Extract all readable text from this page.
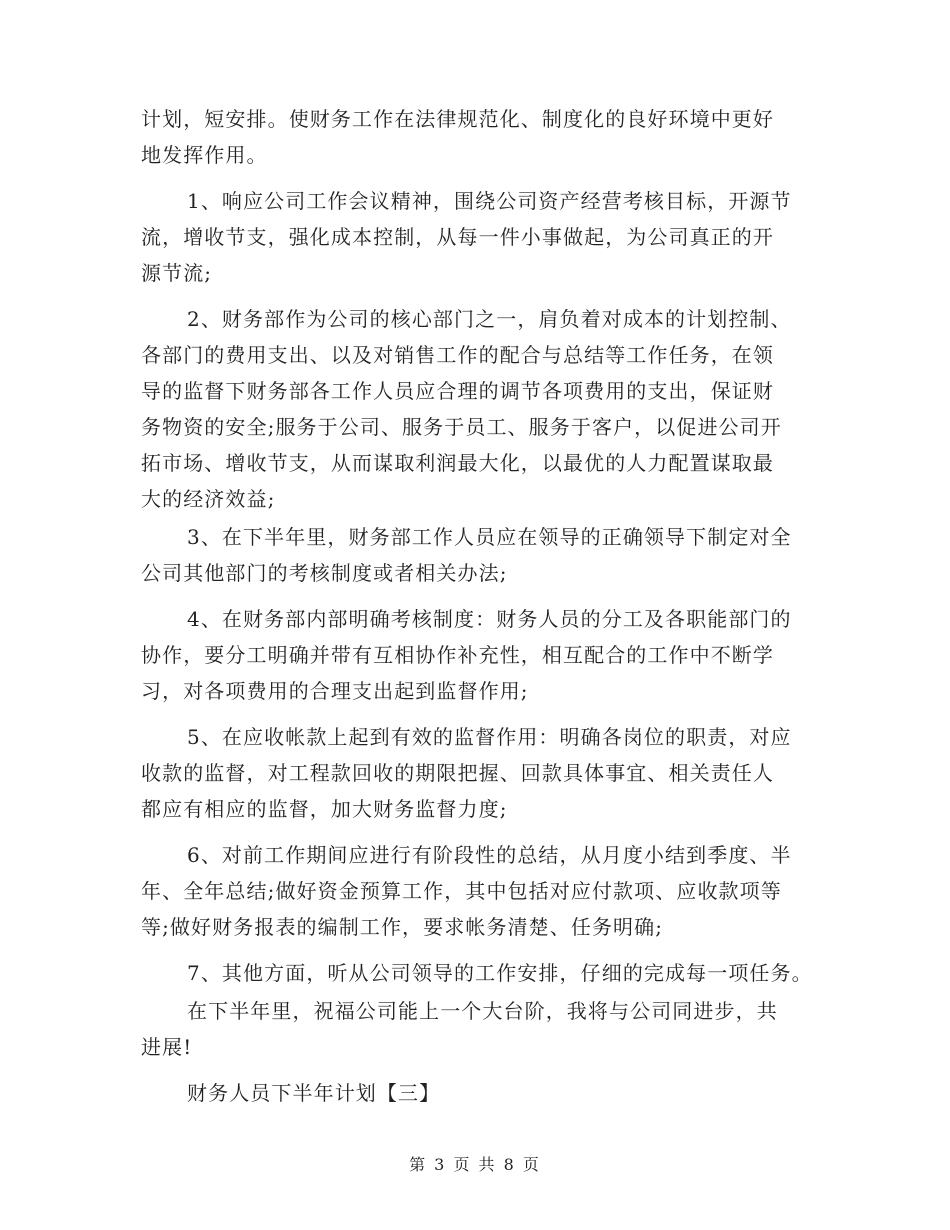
计划，短安排。使财务工作在法律规范化、制度化的良好环境中更好
地发挥作用。
1、响应公司工作会议精神，围绕公司资产经营考核目标，开源节
流，增收节支，强化成本控制，从每一件小事做起，为公司真正的开
源节流;
2、财务部作为公司的核心部门之一，肩负着对成本的计划控制、
各部门的费用支出、以及对销售工作的配合与总结等工作任务，在领
导的监督下财务部各工作人员应合理的调节各项费用的支出，保证财
务物资的安全;服务于公司、服务于员工、服务于客户，以促进公司开
拓市场、增收节支，从而谋取利润最大化，以最优的人力配置谋取最
大的经济效益;
3、在下半年里，财务部工作人员应在领导的正确领导下制定对全
公司其他部门的考核制度或者相关办法;
4、在财务部内部明确考核制度：财务人员的分工及各职能部门的
协作，要分工明确并带有互相协作补充性，相互配合的工作中不断学
习，对各项费用的合理支出起到监督作用;
5、在应收帐款上起到有效的监督作用：明确各岗位的职责，对应
收款的监督，对工程款回收的期限把握、回款具体事宜、相关责任人
都应有相应的监督，加大财务监督力度;
6、对前工作期间应进行有阶段性的总结，从月度小结到季度、半
年、全年总结;做好资金预算工作，其中包括对应付款项、应收款项等
等;做好财务报表的编制工作，要求帐务清楚、任务明确;
7、其他方面，听从公司领导的工作安排，仔细的完成每一项任务。
在下半年里，祝福公司能上一个大台阶，我将与公司同进步，共
进展!
财务人员下半年计划【三】
第 3 页 共 8 页
